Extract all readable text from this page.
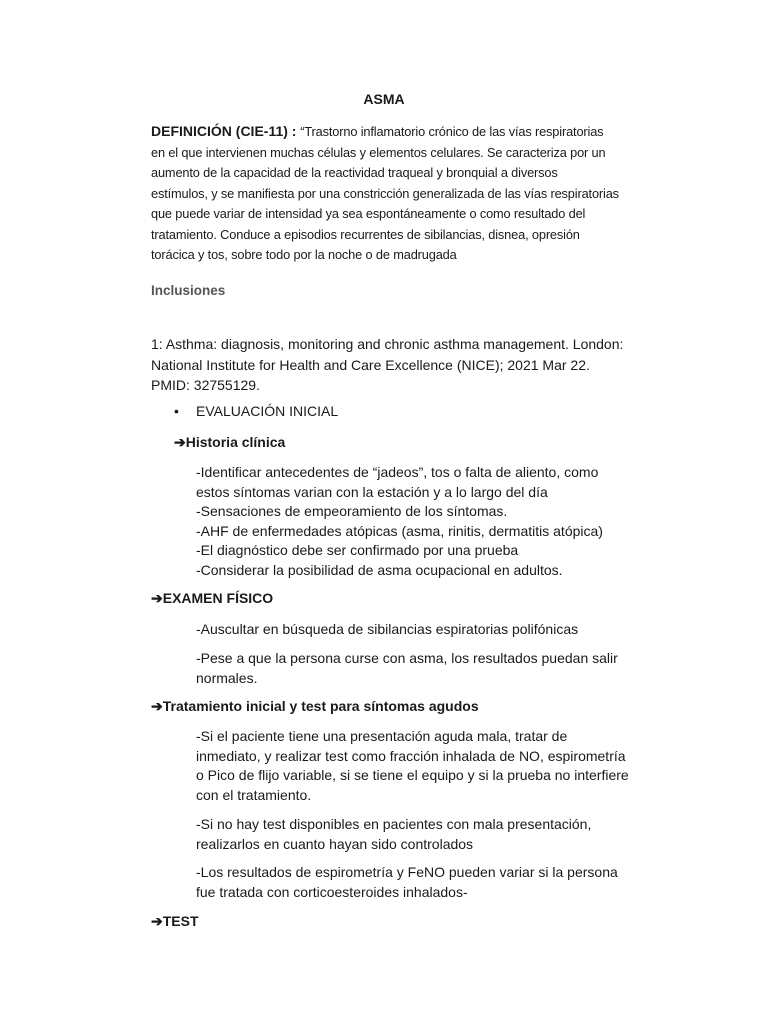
ASMA
DEFINICIÓN (CIE-11) : “Trastorno inflamatorio crónico de las vías respiratorias
en el que intervienen muchas células y elementos celulares. Se caracteriza por un
aumento de la capacidad de la reactividad traqueal y bronquial a diversos
estímulos, y se manifiesta por una constricción generalizada de las vías respiratorias
que puede variar de intensidad ya sea espontáneamente o como resultado del
tratamiento. Conduce a episodios recurrentes de sibilancias, disnea, opresión
torácica y tos, sobre todo por la noche o de madrugada
Inclusiones
1: Asthma: diagnosis, monitoring and chronic asthma management. London:
National Institute for Health and Care Excellence (NICE); 2021 Mar 22.
PMID: 32755129.
• EVALUACIÓN INICIAL
➔Historia clínica
-Identificar antecedentes de “jadeos”, tos o falta de aliento, como
estos síntomas varian con la estación y a lo largo del día
-Sensaciones de empeoramiento de los síntomas.
-AHF de enfermedades atópicas (asma, rinitis, dermatitis atópica)
-El diagnóstico debe ser confirmado por una prueba
-Considerar la posibilidad de asma ocupacional en adultos.
➔EXAMEN FÍSICO
-Auscultar en búsqueda de sibilancias espiratorias polifónicas
-Pese a que la persona curse con asma, los resultados puedan salir
normales.
➔Tratamiento inicial y test para síntomas agudos
-Si el paciente tiene una presentación aguda mala, tratar de
inmediato, y realizar test como fracción inhalada de NO, espirometría
o Pico de flijo variable, si se tiene el equipo y si la prueba no interfiere
con el tratamiento.
-Si no hay test disponibles en pacientes con mala presentación,
realizarlos en cuanto hayan sido controlados
-Los resultados de espirometría y FeNO pueden variar si la persona
fue tratada con corticoesteroides inhalados-
➔TEST
